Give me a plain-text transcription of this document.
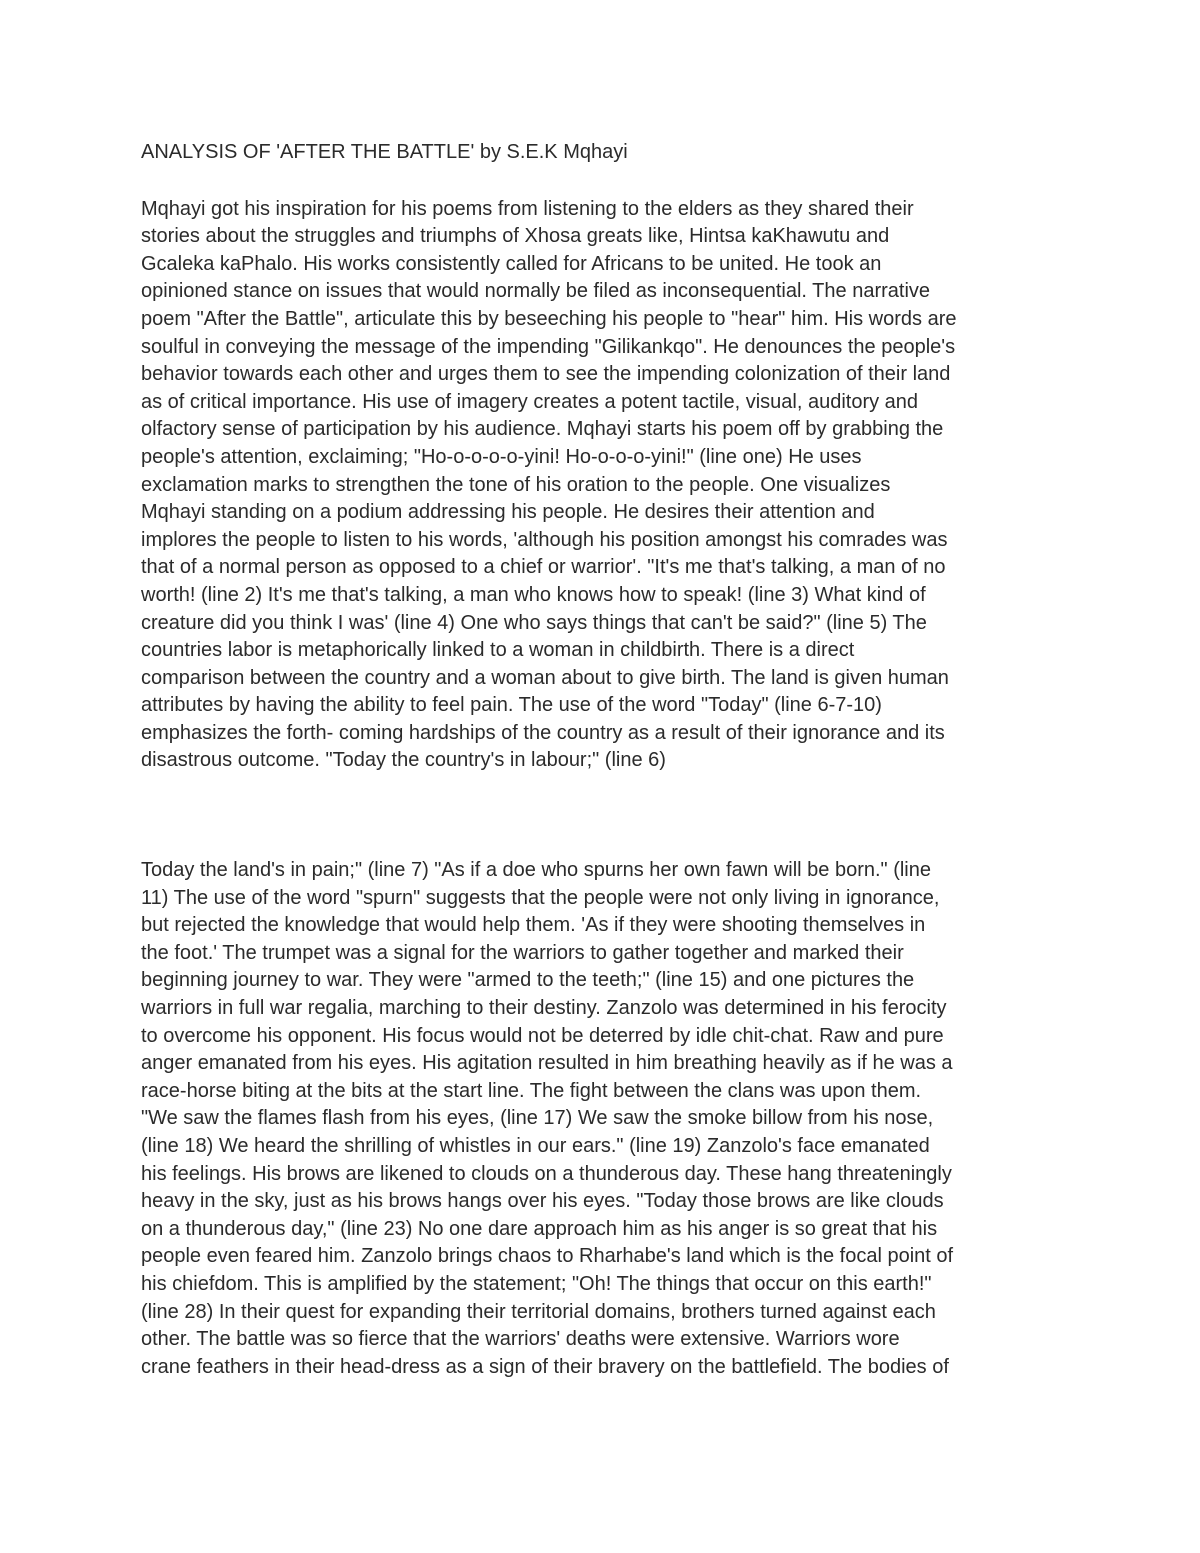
ANALYSIS OF 'AFTER THE BATTLE' by S.E.K Mqhayi
Mqhayi got his inspiration for his poems from listening to the elders as they shared their
stories about the struggles and triumphs of Xhosa greats like, Hintsa kaKhawutu and
Gcaleka kaPhalo. His works consistently called for Africans to be united. He took an
opinioned stance on issues that would normally be filed as inconsequential. The narrative
poem "After the Battle", articulate this by beseeching his people to "hear" him. His words are
soulful in conveying the message of the impending "Gilikankqo". He denounces the people's
behavior towards each other and urges them to see the impending colonization of their land
as of critical importance. His use of imagery creates a potent tactile, visual, auditory and
olfactory sense of participation by his audience. Mqhayi starts his poem off by grabbing the
people's attention, exclaiming; "Ho-o-o-o-o-yini! Ho-o-o-o-yini!" (line one) He uses
exclamation marks to strengthen the tone of his oration to the people. One visualizes
Mqhayi standing on a podium addressing his people. He desires their attention and
implores the people to listen to his words, 'although his position amongst his comrades was
that of a normal person as opposed to a chief or warrior'. "It's me that's talking, a man of no
worth! (line 2) It's me that's talking, a man who knows how to speak! (line 3) What kind of
creature did you think I was' (line 4) One who says things that can't be said?" (line 5) The
countries labor is metaphorically linked to a woman in childbirth. There is a direct
comparison between the country and a woman about to give birth. The land is given human
attributes by having the ability to feel pain. The use of the word "Today" (line 6-7-10)
emphasizes the forth- coming hardships of the country as a result of their ignorance and its
disastrous outcome. "Today the country's in labour;" (line 6)
Today the land's in pain;" (line 7) "As if a doe who spurns her own fawn will be born." (line
11) The use of the word "spurn" suggests that the people were not only living in ignorance,
but rejected the knowledge that would help them. 'As if they were shooting themselves in
the foot.' The trumpet was a signal for the warriors to gather together and marked their
beginning journey to war. They were "armed to the teeth;" (line 15) and one pictures the
warriors in full war regalia, marching to their destiny. Zanzolo was determined in his ferocity
to overcome his opponent. His focus would not be deterred by idle chit-chat. Raw and pure
anger emanated from his eyes. His agitation resulted in him breathing heavily as if he was a
race-horse biting at the bits at the start line. The fight between the clans was upon them.
"We saw the flames flash from his eyes, (line 17) We saw the smoke billow from his nose,
(line 18) We heard the shrilling of whistles in our ears." (line 19) Zanzolo's face emanated
his feelings. His brows are likened to clouds on a thunderous day. These hang threateningly
heavy in the sky, just as his brows hangs over his eyes. "Today those brows are like clouds
on a thunderous day," (line 23) No one dare approach him as his anger is so great that his
people even feared him. Zanzolo brings chaos to Rharhabe's land which is the focal point of
his chiefdom. This is amplified by the statement; "Oh! The things that occur on this earth!"
(line 28) In their quest for expanding their territorial domains, brothers turned against each
other. The battle was so fierce that the warriors' deaths were extensive. Warriors wore
crane feathers in their head-dress as a sign of their bravery on the battlefield. The bodies of
